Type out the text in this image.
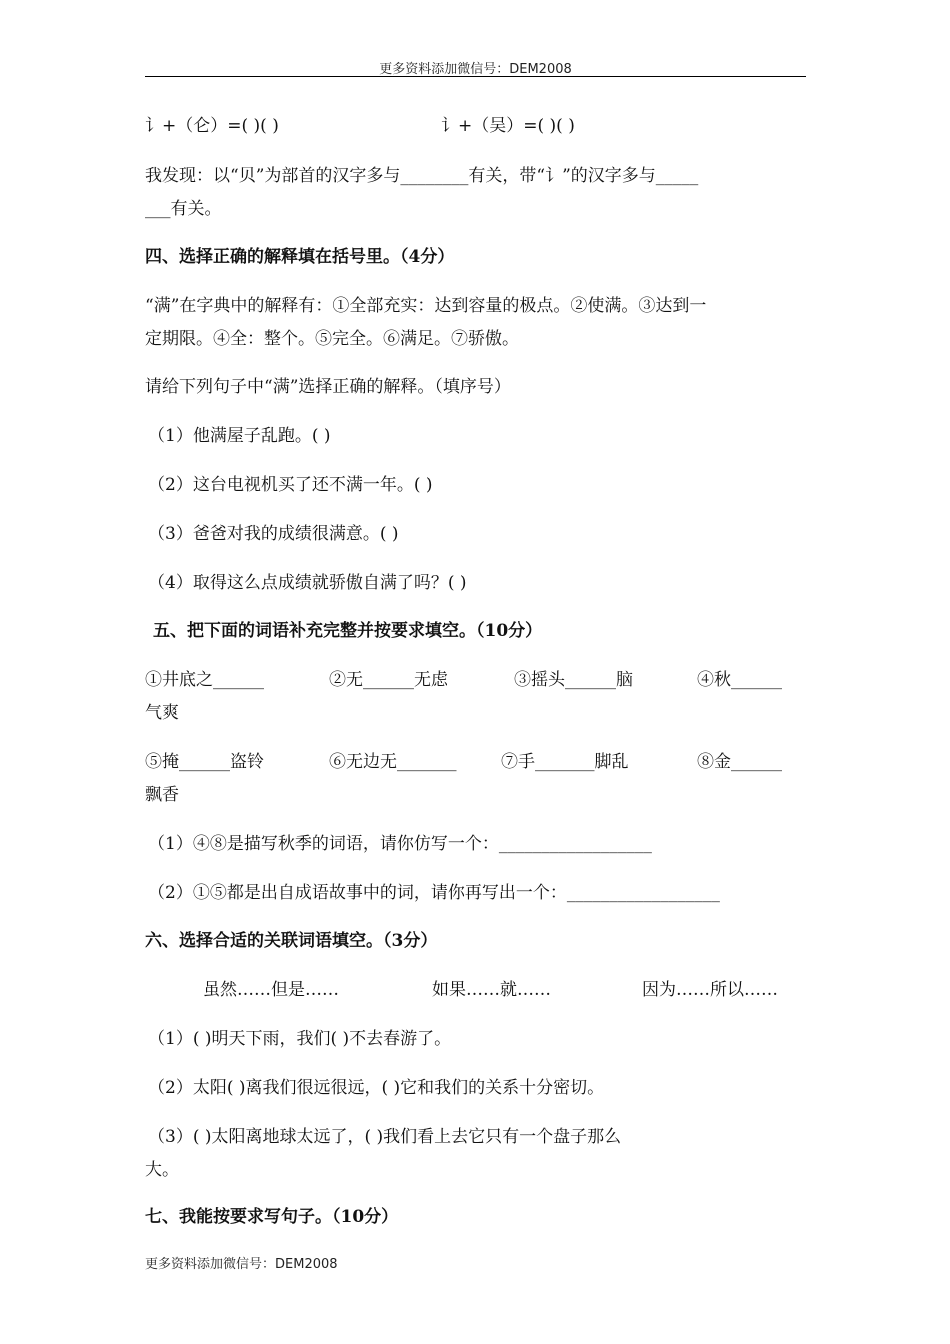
更多资料添加微信号：DEM2008
讠+（仑）=( )( )	讠+（吴）=( )( )
我发现：以“贝”为部首的汉字多与________有关，带“讠”的汉字多与_____
___有关。
四、选择正确的解释填在括号里。（4分）
“满”在字典中的解释有：①全部充实：达到容量的极点。②使满。③达到一
定期限。④全：整个。⑤完全。⑥满足。⑦骄傲。
请给下列句子中“满”选择正确的解释。（填序号）
（1）他满屋子乱跑。( )
（2）这台电视机买了还不满一年。( )
（3）爸爸对我的成绩很满意。( )
（4）取得这么点成绩就骄傲自满了吗？( )
五、把下面的词语补充完整并按要求填空。（10分）
①井底之______	②无______无虑	③摇头______脑	④秋______
气爽
⑤掩______盗铃	⑥无边无_______	⑦手_______脚乱	⑧金______
飘香
（1）④⑧是描写秋季的词语，请你仿写一个：__________________
（2）①⑤都是出自成语故事中的词，请你再写出一个：__________________
六、选择合适的关联词语填空。（3分）
虽然……但是……	如果……就……	因为……所以……
（1）( )明天下雨，我们( )不去春游了。
（2）太阳( )离我们很远很远，( )它和我们的关系十分密切。
（3）( )太阳离地球太远了，( )我们看上去它只有一个盘子那么
大。
七、我能按要求写句子。（10分）
更多资料添加微信号：DEM2008
